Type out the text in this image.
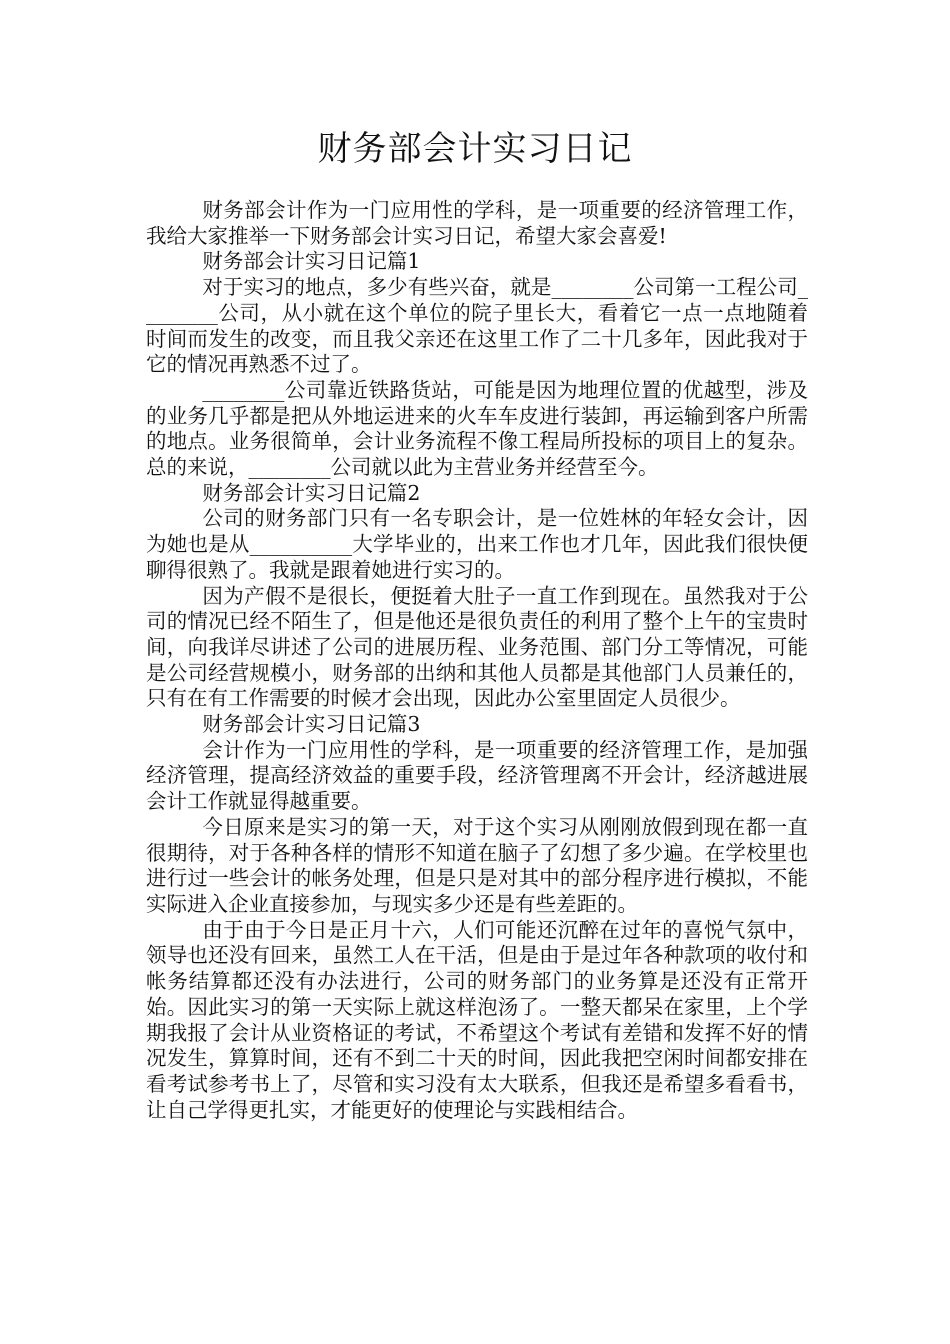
财务部会计实习日记

财务部会计作为一门应用性的学科，是一项重要的经济管理工作，我给大家推举一下财务部会计实习日记，希望大家会喜爱!

财务部会计实习日记篇1

对于实习的地点，多少有些兴奋，就是________公司第一工程公司________公司，从小就在这个单位的院子里长大，看着它一点一点地随着时间而发生的改变，而且我父亲还在这里工作了二十几多年，因此我对于它的情况再熟悉不过了。

________公司靠近铁路货站，可能是因为地理位置的优越型，涉及的业务几乎都是把从外地运进来的火车车皮进行装卸，再运输到客户所需的地点。业务很简单，会计业务流程不像工程局所投标的项目上的复杂。总的来说，________公司就以此为主营业务并经营至今。

财务部会计实习日记篇2

公司的财务部门只有一名专职会计，是一位姓林的年轻女会计，因为她也是从__________大学毕业的，出来工作也才几年，因此我们很快便聊得很熟了。我就是跟着她进行实习的。

因为产假不是很长，便挺着大肚子一直工作到现在。虽然我对于公司的情况已经不陌生了，但是他还是很负责任的利用了整个上午的宝贵时间，向我详尽讲述了公司的进展历程、业务范围、部门分工等情况，可能是公司经营规模小，财务部的出纳和其他人员都是其他部门人员兼任的，只有在有工作需要的时候才会出现，因此办公室里固定人员很少。

财务部会计实习日记篇3

会计作为一门应用性的学科，是一项重要的经济管理工作，是加强经济管理，提高经济效益的重要手段，经济管理离不开会计，经济越进展会计工作就显得越重要。

今日原来是实习的第一天，对于这个实习从刚刚放假到现在都一直很期待，对于各种各样的情形不知道在脑子了幻想了多少遍。在学校里也进行过一些会计的帐务处理，但是只是对其中的部分程序进行模拟，不能实际进入企业直接参加，与现实多少还是有些差距的。

由于由于今日是正月十六，人们可能还沉醉在过年的喜悦气氛中，领导也还没有回来，虽然工人在干活，但是由于是过年各种款项的收付和帐务结算都还没有办法进行，公司的财务部门的业务算是还没有正常开始。因此实习的第一天实际上就这样泡汤了。一整天都呆在家里，上个学期我报了会计从业资格证的考试，不希望这个考试有差错和发挥不好的情况发生，算算时间，还有不到二十天的时间，因此我把空闲时间都安排在看考试参考书上了，尽管和实习没有太大联系，但我还是希望多看看书，让自己学得更扎实，才能更好的使理论与实践相结合。
